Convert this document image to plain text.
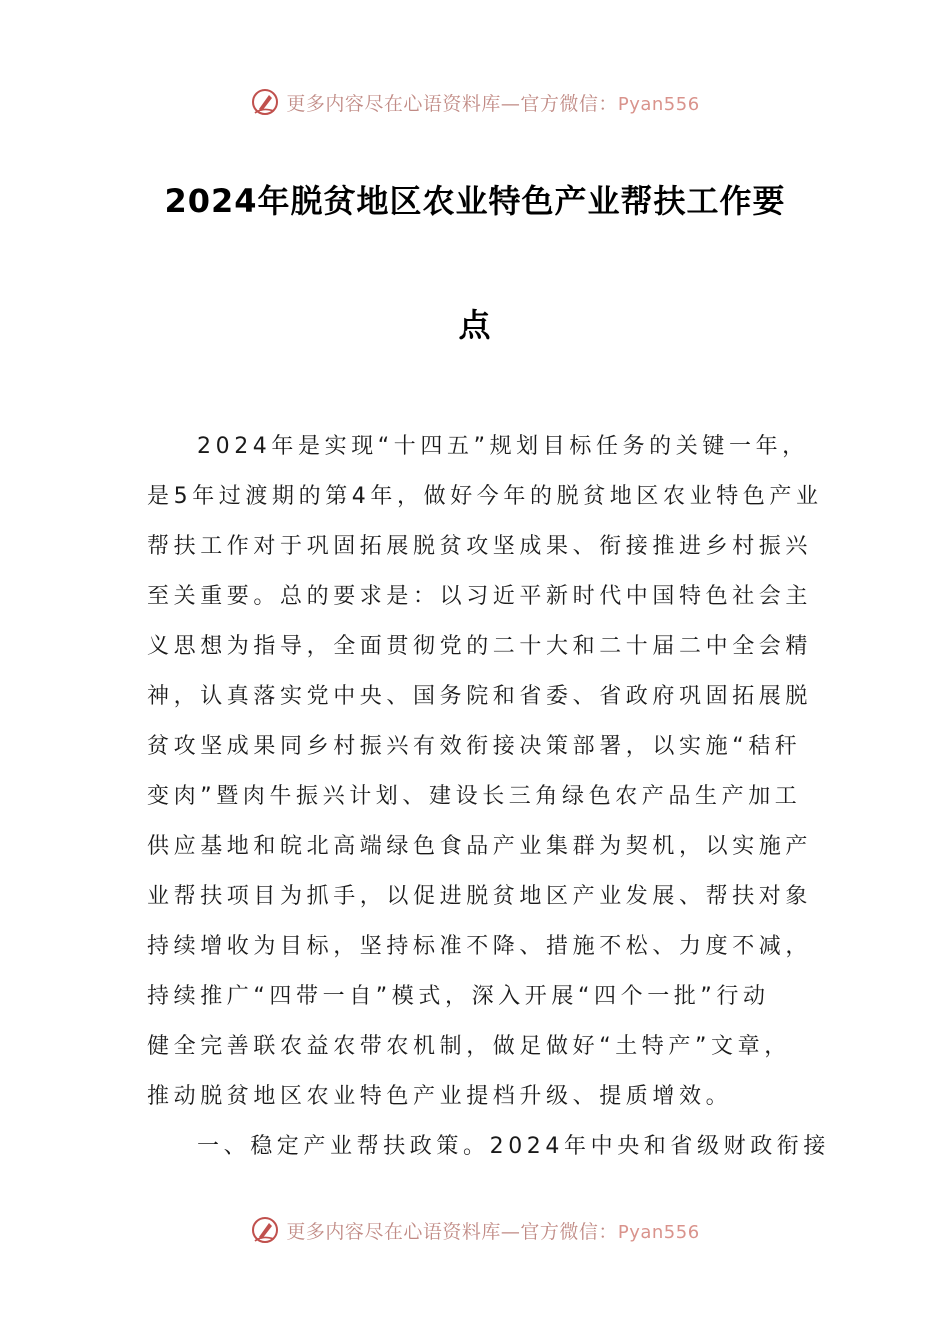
更多内容尽在心语资料库—官方微信：Pyan556
2024年脱贫地区农业特色产业帮扶工作要
点
2024年是实现“十四五”规划目标任务的关键一年，
是5年过渡期的第4年，做好今年的脱贫地区农业特色产业
帮扶工作对于巩固拓展脱贫攻坚成果、衔接推进乡村振兴
至关重要。总的要求是：以习近平新时代中国特色社会主
义思想为指导，全面贯彻党的二十大和二十届二中全会精
神，认真落实党中央、国务院和省委、省政府巩固拓展脱
贫攻坚成果同乡村振兴有效衔接决策部署，以实施“秸秆
变肉”暨肉牛振兴计划、建设长三角绿色农产品生产加工
供应基地和皖北高端绿色食品产业集群为契机，以实施产
业帮扶项目为抓手，以促进脱贫地区产业发展、帮扶对象
持续增收为目标，坚持标准不降、措施不松、力度不减，
持续推广“四带一自”模式，深入开展“四个一批”行动
健全完善联农益农带农机制，做足做好“土特产”文章，
推动脱贫地区农业特色产业提档升级、提质增效。
一、稳定产业帮扶政策。2024年中央和省级财政衔接
更多内容尽在心语资料库—官方微信：Pyan556
